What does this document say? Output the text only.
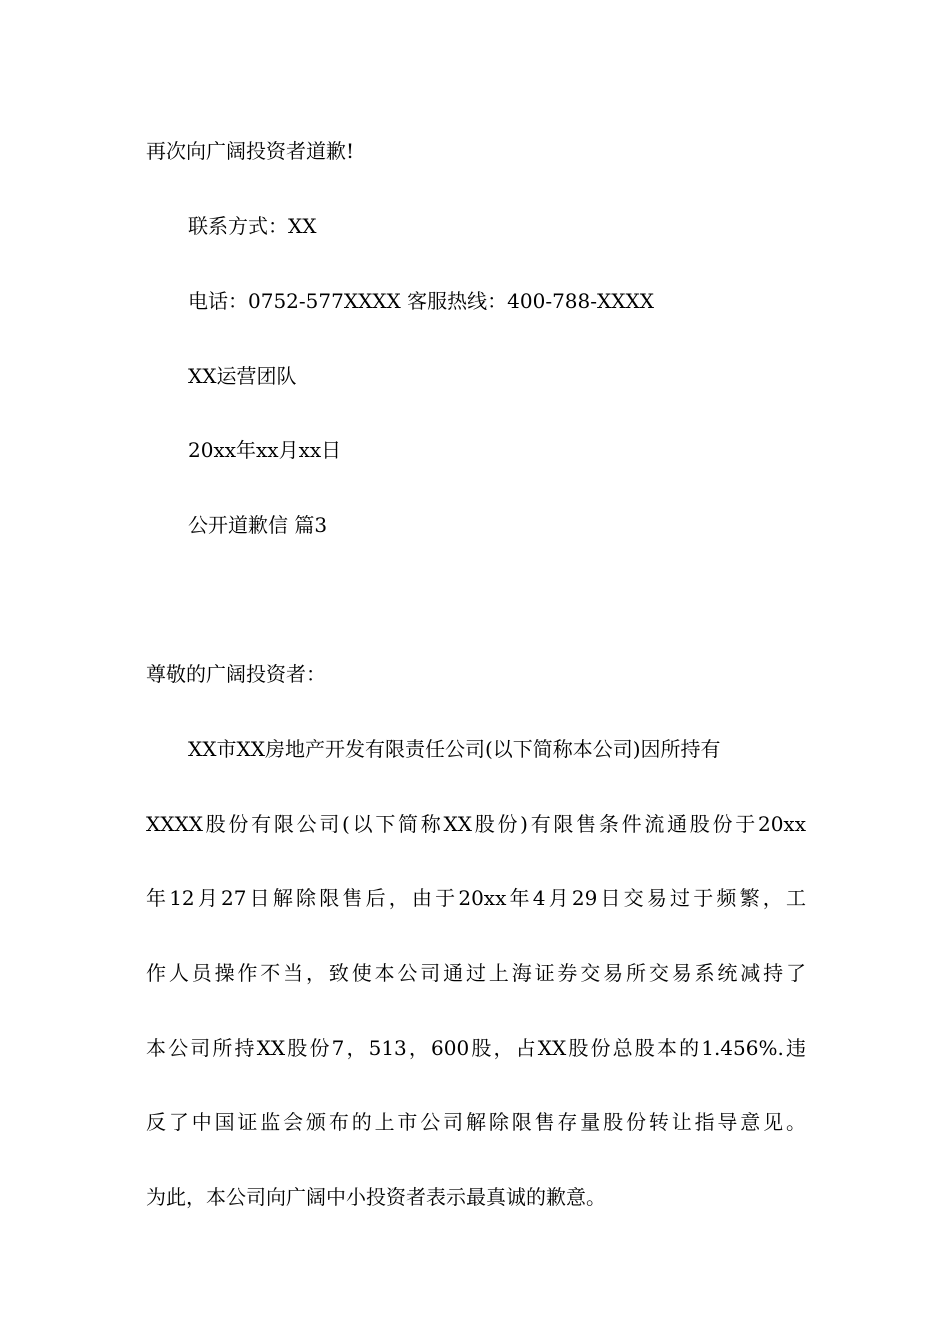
再次向广阔投资者道歉!

联系方式：XX

电话：0752-577XXXX 客服热线：400-788-XXXX

XX运营团队

20xx年xx月xx日

公开道歉信 篇3

尊敬的广阔投资者：

XX市XX房地产开发有限责任公司(以下简称本公司)因所持有

XXXX股份有限公司(以下简称XX股份)有限售条件流通股份于20xx

年12月27日解除限售后，由于20xx年4月29日交易过于频繁，工

作人员操作不当，致使本公司通过上海证券交易所交易系统减持了

本公司所持XX股份7，513，600股，占XX股份总股本的1.456%.违

反了中国证监会颁布的上市公司解除限售存量股份转让指导意见。

为此，本公司向广阔中小投资者表示最真诚的歉意。
